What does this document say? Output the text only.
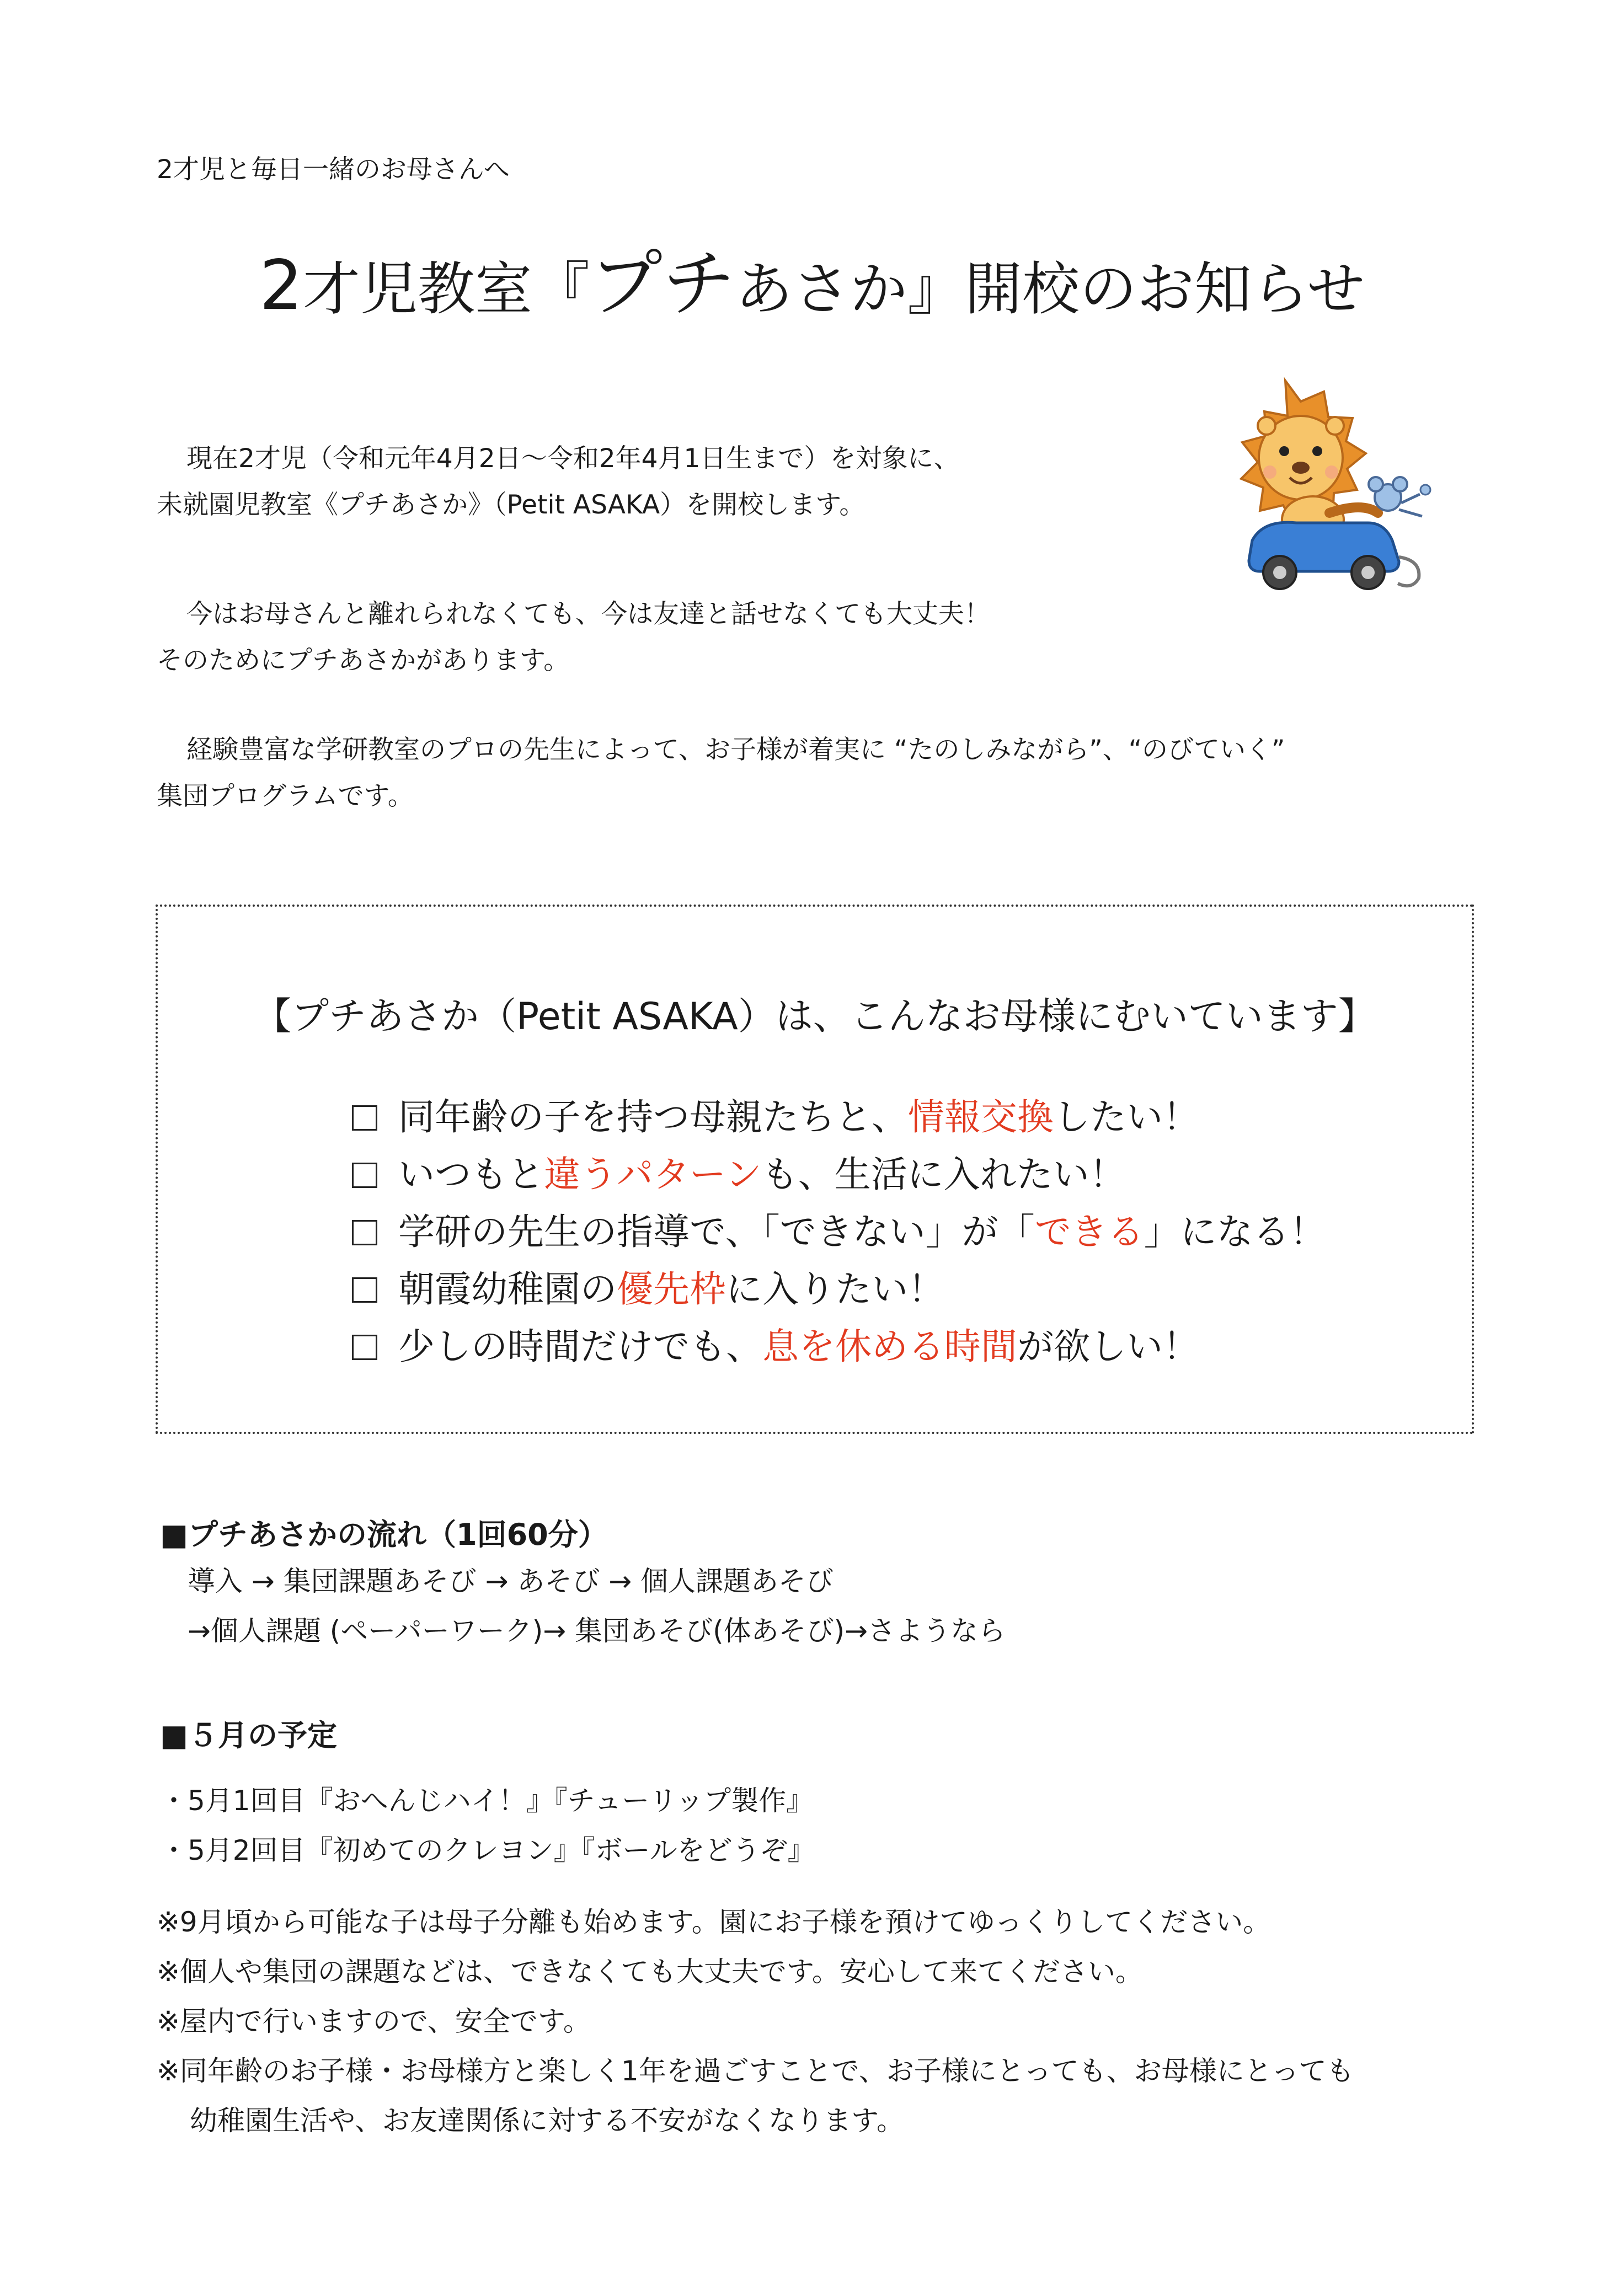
2才児と毎日一緒のお母さんへ
2才児教室『プチあさか』開校のお知らせ
現在2才児（令和元年4月2日〜令和2年4月1日生まで）を対象に、
未就園児教室《プチあさか》（Petit ASAKA）を開校します。
今はお母さんと離れられなくても、今は友達と話せなくても大丈夫！
そのためにプチあさかがあります。
経験豊富な学研教室のプロの先生によって、お子様が着実に “たのしみながら”、“のびていく”
集団プログラムです。
【プチあさか（Petit ASAKA）は、こんなお母様にむいています】
同年齢の子を持つ母親たちと、情報交換したい！
いつもと違うパターンも、生活に入れたい！
学研の先生の指導で、「できない」が「できる」になる！
朝霞幼稚園の優先枠に入りたい！
少しの時間だけでも、息を休める時間が欲しい！
■プチあさかの流れ（1回60分）
導入 → 集団課題あそび → あそび → 個人課題あそび
→個人課題 (ペーパーワーク)→ 集団あそび(体あそび)→さようなら
■５月の予定
・5月1回目『おへんじハイ！』『チューリップ製作』
・5月2回目『初めてのクレヨン』『ボールをどうぞ』
※9月頃から可能な子は母子分離も始めます。園にお子様を預けてゆっくりしてください。
※個人や集団の課題などは、できなくても大丈夫です。安心して来てください。
※屋内で行いますので、安全です。
※同年齢のお子様・お母様方と楽しく1年を過ごすことで、お子様にとっても、お母様にとっても
幼稚園生活や、お友達関係に対する不安がなくなります。
